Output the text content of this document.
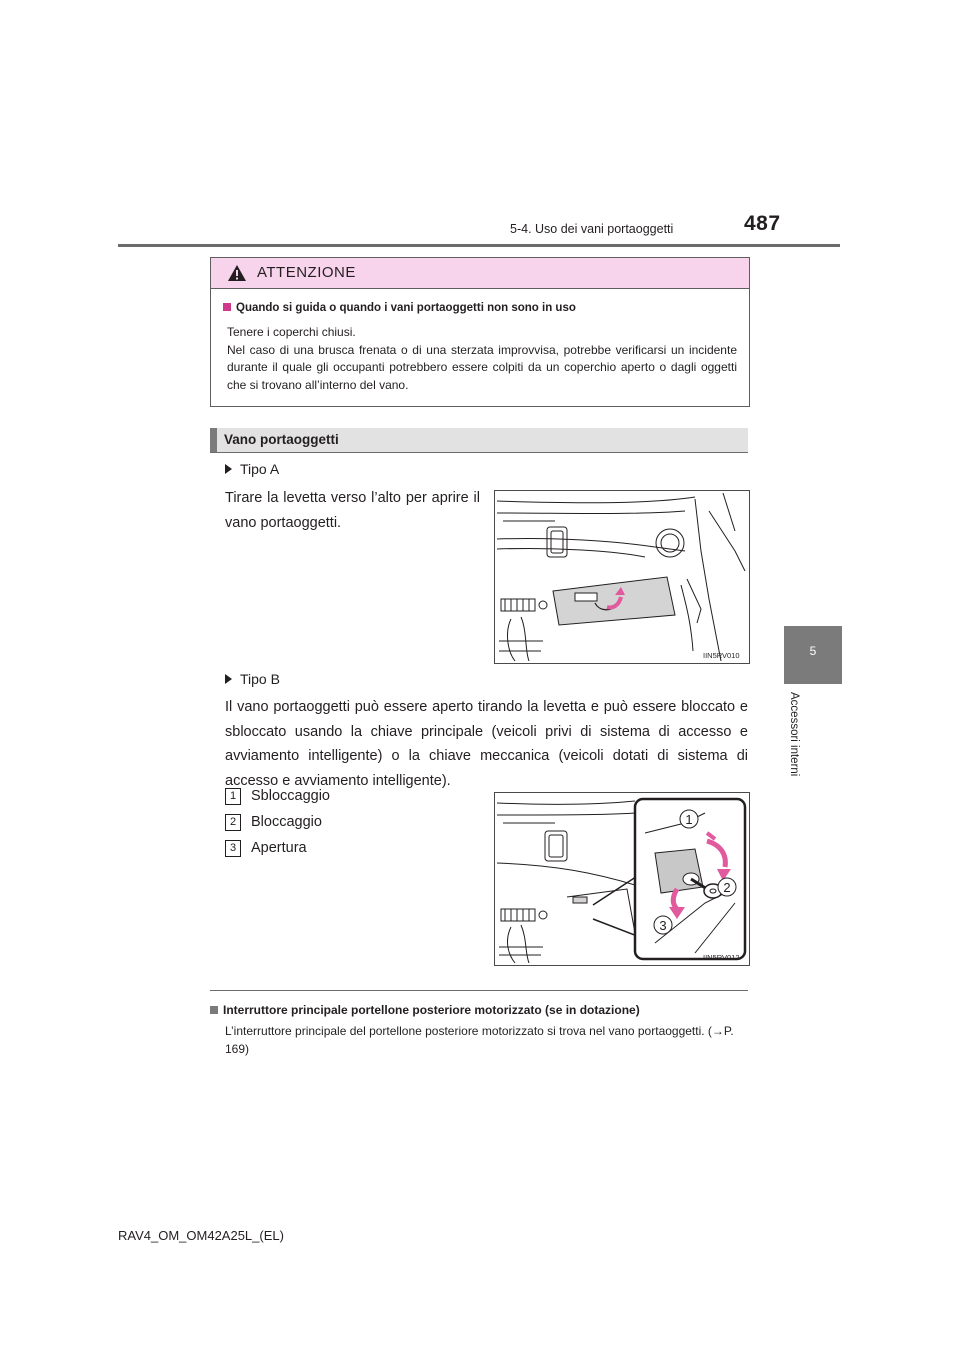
5-4. Uso dei vani portaoggetti	487
5
Accessori interni
ATTENZIONE
Quando si guida o quando i vani portaoggetti non sono in uso
Tenere i coperchi chiusi.
Nel caso di una brusca frenata o di una sterzata improvvisa, potrebbe verificarsi un incidente durante il quale gli occupanti potrebbero essere colpiti da un coperchio aperto o dagli oggetti che si trovano all’interno del vano.
Vano portaoggetti
Tipo A
Tirare la levetta verso l’alto per aprire il vano portaoggetti.
IIN5RV010
Tipo B
Il vano portaoggetti può essere aperto tirando la levetta e può essere bloccato e sbloccato usando la chiave principale (veicoli privi di sistema di accesso e avviamento intelligente) o la chiave meccanica (veicoli dotati di sistema di accesso e avviamento intelligente).
1 Sbloccaggio
2 Bloccaggio
3 Apertura
1
2
3
IIN5RV012
Interruttore principale portellone posteriore motorizzato (se in dotazione)
L’interruttore principale del portellone posteriore motorizzato si trova nel vano portaoggetti. (→P. 169)
RAV4_OM_OM42A25L_(EL)
